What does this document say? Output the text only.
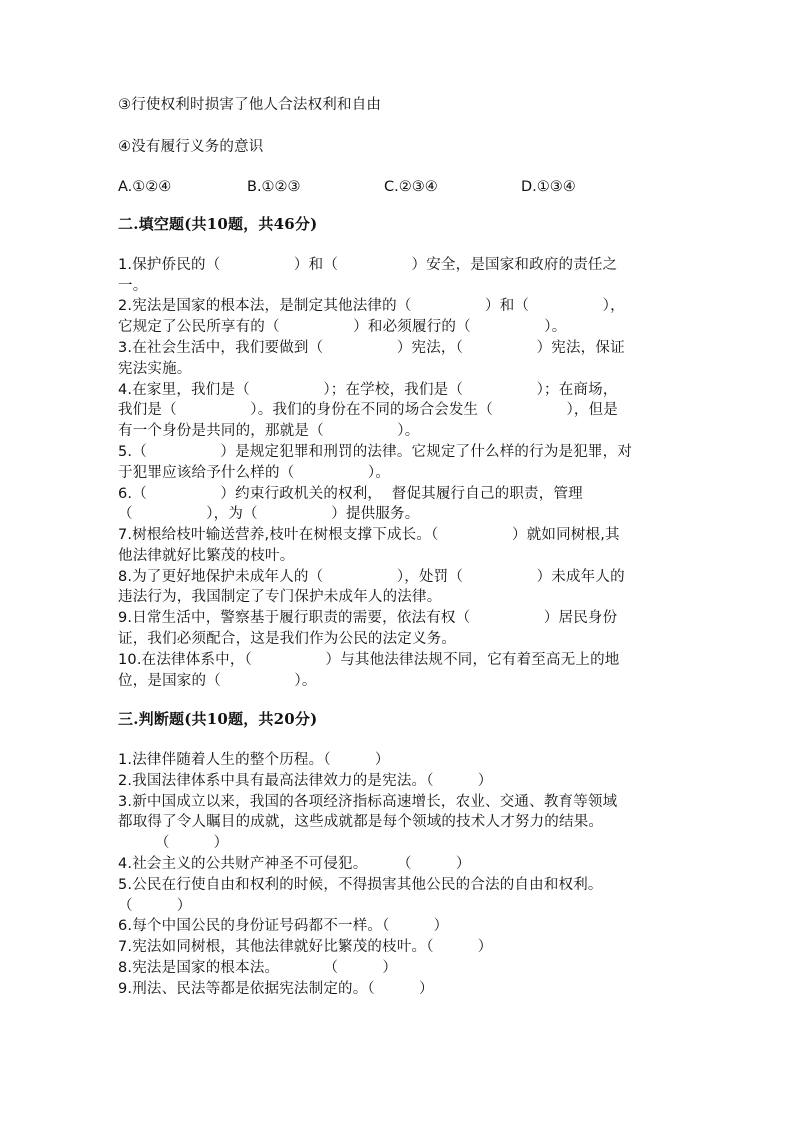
③行使权利时损害了他人合法权利和自由
④没有履行义务的意识
A.①②④	B.①②③	C.②③④	D.①③④
二.填空题(共10题，共46分)
1.保护侨民的（　　　　　）和（　　　　　）安全，是国家和政府的责任之
一。
2.宪法是国家的根本法，是制定其他法律的（　　　　　）和（　　　　　），
它规定了公民所享有的（　　　　　）和必须履行的（　　　　　）。
3.在社会生活中，我们要做到（　　　　　）宪法，（　　　　　）宪法，保证
宪法实施。
4.在家里，我们是（　　　　　）；在学校，我们是（　　　　　）；在商场，
我们是（　　　　　）。我们的身份在不同的场合会发生（　　　　　），但是
有一个身份是共同的，那就是（　　　　　）。
5.（　　　　　）是规定犯罪和刑罚的法律。它规定了什么样的行为是犯罪，对
于犯罪应该给予什么样的（　　　　　）。
6.（　　　　　）约束行政机关的权利，  督促其履行自己的职责，管理
（　　　　　），为（　　　　　）提供服务。
7.树根给枝叶输送营养,枝叶在树根支撑下成长。（　　　　　）就如同树根,其
他法律就好比繁茂的枝叶。
8.为了更好地保护未成年人的（　　　　　），处罚（　　　　　）未成年人的
违法行为，我国制定了专门保护未成年人的法律。
9.日常生活中，警察基于履行职责的需要，依法有权（　　　　　）居民身份
证，我们必须配合，这是我们作为公民的法定义务。
10.在法律体系中，（　　　　　）与其他法律法规不同，它有着至高无上的地
位，是国家的（　　　　　）。
三.判断题(共10题，共20分)
1.法律伴随着人生的整个历程。（　　　）
2.我国法律体系中具有最高法律效力的是宪法。（　　　）
3.新中国成立以来，我国的各项经济指标高速增长，农业、交通、教育等领域
都取得了令人瞩目的成就，这些成就都是每个领域的技术人才努力的结果。
　　　（　　　）
4.社会主义的公共财产神圣不可侵犯。　　　（　　　）
5.公民在行使自由和权利的时候，不得损害其他公民的合法的自由和权利。
（　　　）
6.每个中国公民的身份证号码都不一样。（　　　）
7.宪法如同树根，其他法律就好比繁茂的枝叶。（　　　）
8.宪法是国家的根本法。　　　　（　　　）
9.刑法、民法等都是依据宪法制定的。（　　　）
